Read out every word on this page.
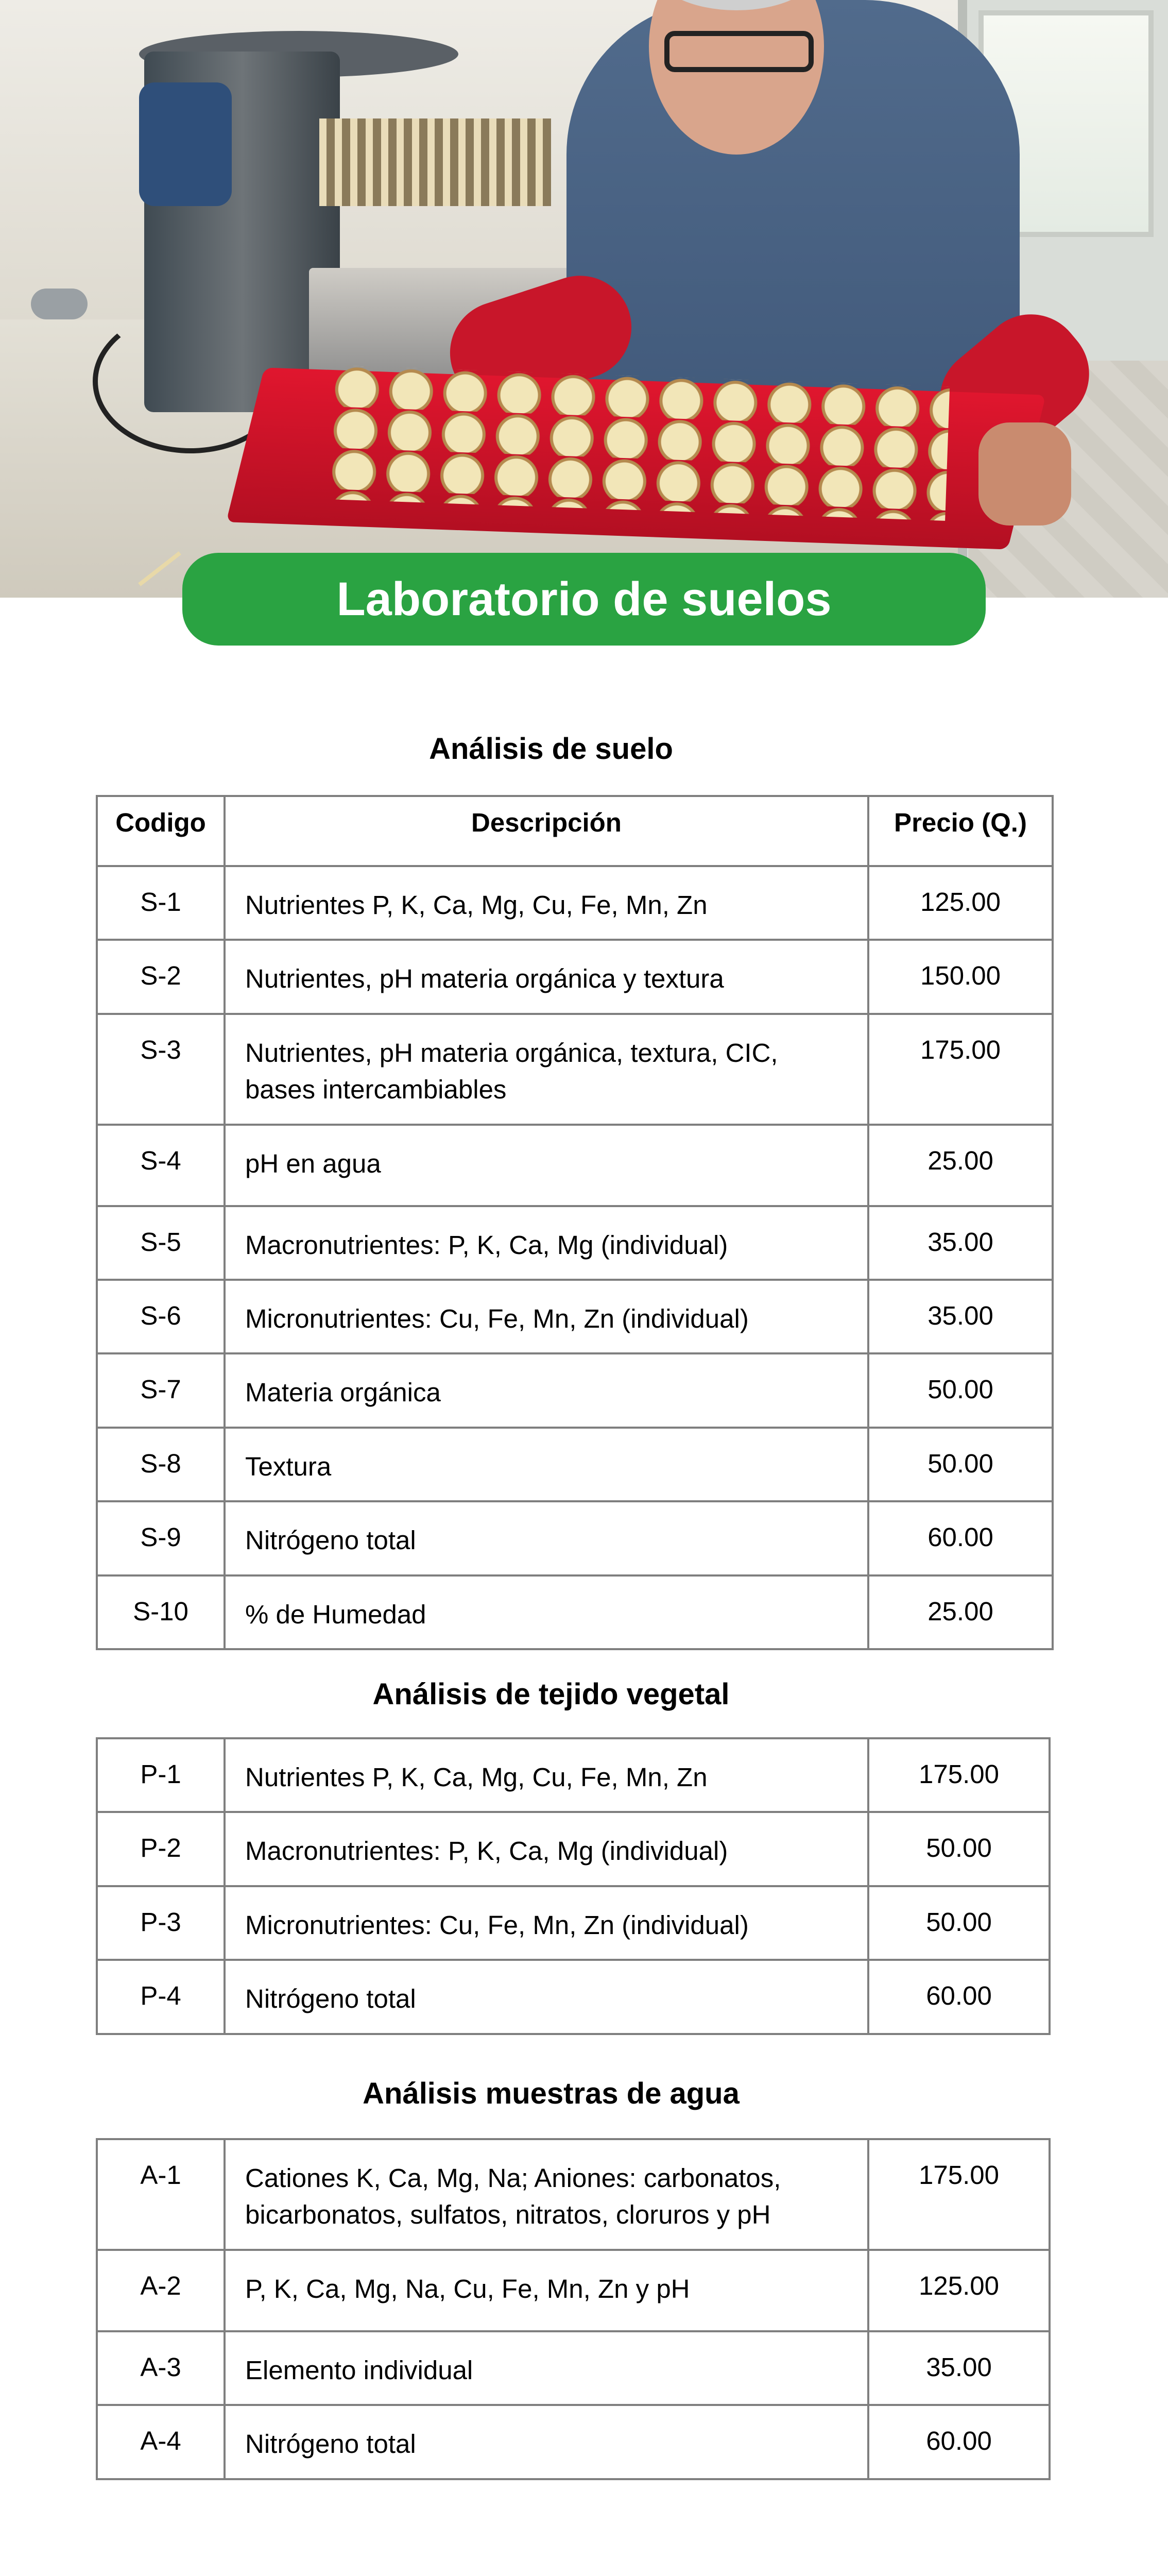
Laboratorio de suelos
Análisis de suelo
Codigo	Descripción	Precio (Q.)
S-1	Nutrientes P, K, Ca, Mg, Cu, Fe, Mn, Zn	125.00
S-2	Nutrientes, pH materia orgánica y textura	150.00
S-3	Nutrientes, pH materia orgánica, textura, CIC, bases intercambiables	175.00
S-4	pH en agua	25.00
S-5	Macronutrientes: P, K, Ca, Mg (individual)	35.00
S-6	Micronutrientes: Cu, Fe, Mn, Zn (individual)	35.00
S-7	Materia orgánica	50.00
S-8	Textura	50.00
S-9	Nitrógeno total	60.00
S-10	% de Humedad	25.00
Análisis de tejido vegetal
P-1	Nutrientes P, K, Ca, Mg, Cu, Fe, Mn, Zn	175.00
P-2	Macronutrientes: P, K, Ca, Mg (individual)	50.00
P-3	Micronutrientes: Cu, Fe, Mn, Zn (individual)	50.00
P-4	Nitrógeno total	60.00
Análisis muestras de agua
A-1	Cationes K, Ca, Mg, Na; Aniones: carbonatos, bicarbonatos, sulfatos, nitratos, cloruros y pH	175.00
A-2	P, K, Ca, Mg, Na, Cu, Fe, Mn, Zn y pH	125.00
A-3	Elemento individual	35.00
A-4	Nitrógeno total	60.00
